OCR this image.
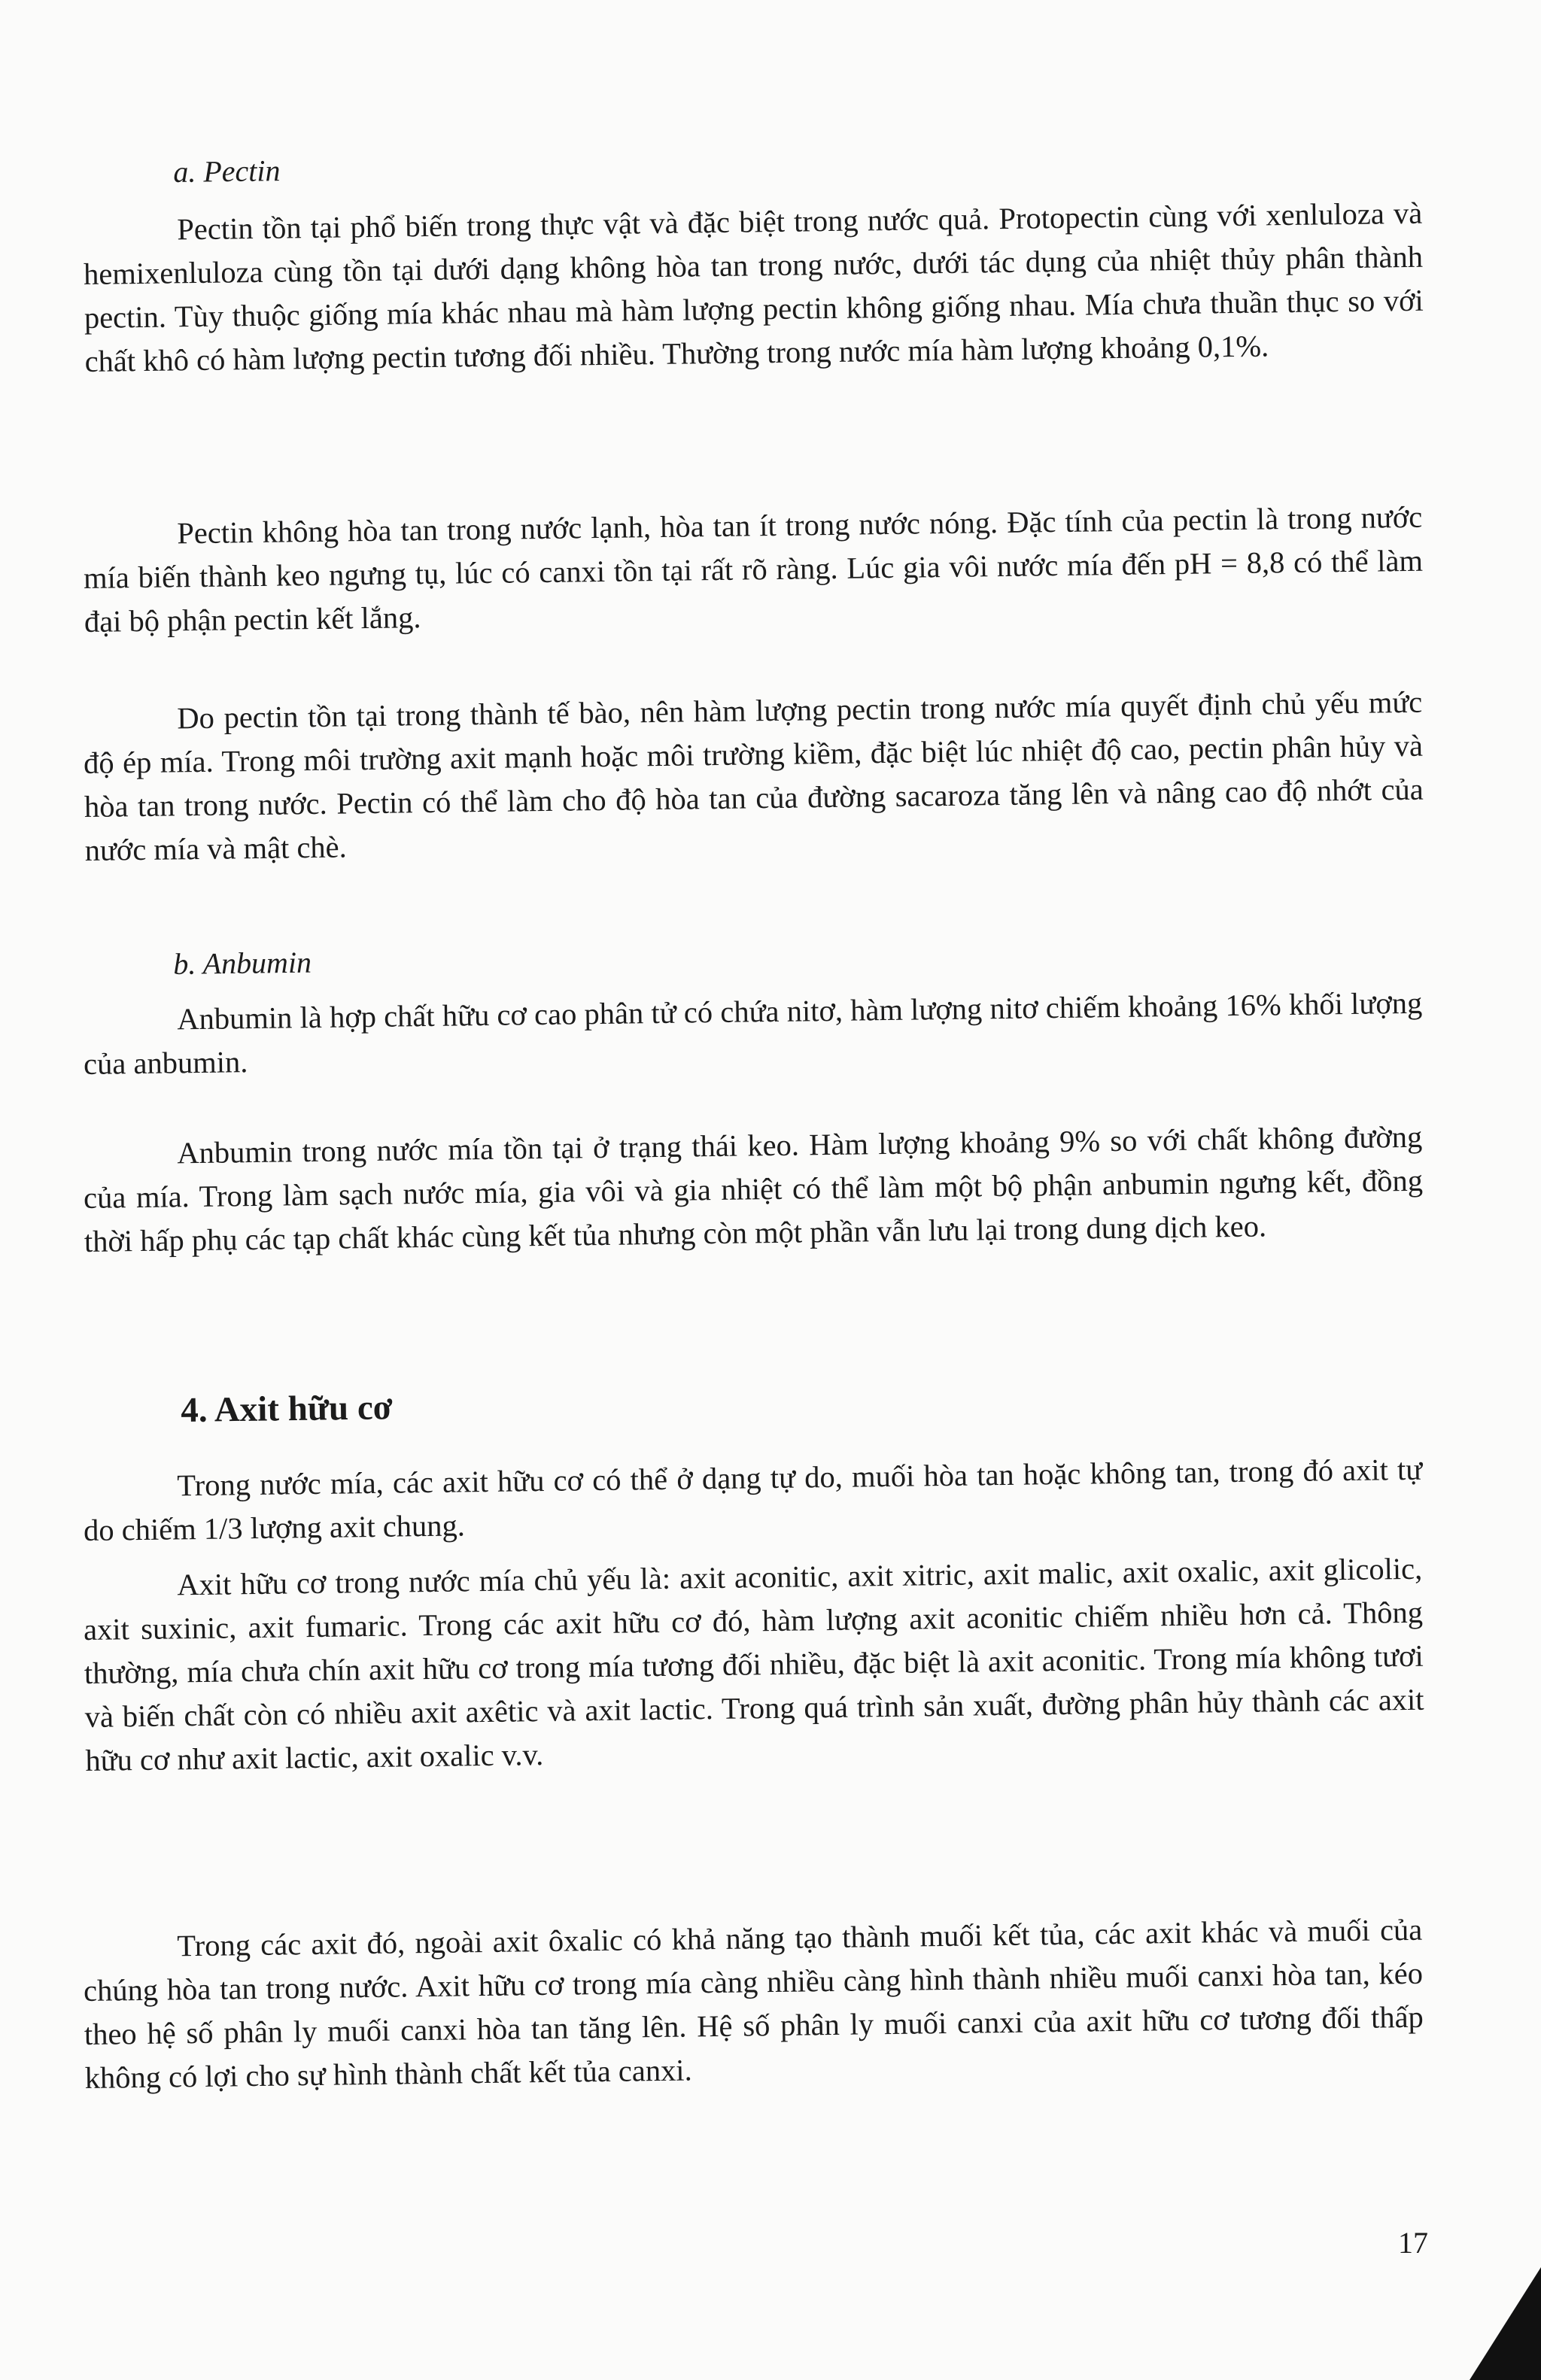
a. Pectin

Pectin tồn tại phổ biến trong thực vật và đặc biệt trong nước quả. Protopectin cùng với xenluloza và hemixenluloza cùng tồn tại dưới dạng không hòa tan trong nước, dưới tác dụng của nhiệt thủy phân thành pectin. Tùy thuộc giống mía khác nhau mà hàm lượng pectin không giống nhau. Mía chưa thuần thục so với chất khô có hàm lượng pectin tương đối nhiều. Thường trong nước mía hàm lượng khoảng 0,1%.

Pectin không hòa tan trong nước lạnh, hòa tan ít trong nước nóng. Đặc tính của pectin là trong nước mía biến thành keo ngưng tụ, lúc có canxi tồn tại rất rõ ràng. Lúc gia vôi nước mía đến pH = 8,8 có thể làm đại bộ phận pectin kết lắng.

Do pectin tồn tại trong thành tế bào, nên hàm lượng pectin trong nước mía quyết định chủ yếu mức độ ép mía. Trong môi trường axit mạnh hoặc môi trường kiềm, đặc biệt lúc nhiệt độ cao, pectin phân hủy và hòa tan trong nước. Pectin có thể làm cho độ hòa tan của đường sacaroza tăng lên và nâng cao độ nhớt của nước mía và mật chè.

b. Anbumin

Anbumin là hợp chất hữu cơ cao phân tử có chứa nitơ, hàm lượng nitơ chiếm khoảng 16% khối lượng của anbumin.

Anbumin trong nước mía tồn tại ở trạng thái keo. Hàm lượng khoảng 9% so với chất không đường của mía. Trong làm sạch nước mía, gia vôi và gia nhiệt có thể làm một bộ phận anbumin ngưng kết, đồng thời hấp phụ các tạp chất khác cùng kết tủa nhưng còn một phần vẫn lưu lại trong dung dịch keo.

4. Axit hữu cơ

Trong nước mía, các axit hữu cơ có thể ở dạng tự do, muối hòa tan hoặc không tan, trong đó axit tự do chiếm 1/3 lượng axit chung.

Axit hữu cơ trong nước mía chủ yếu là: axit aconitic, axit xitric, axit malic, axit oxalic, axit glicolic, axit suxinic, axit fumaric. Trong các axit hữu cơ đó, hàm lượng axit aconitic chiếm nhiều hơn cả. Thông thường, mía chưa chín axit hữu cơ trong mía tương đối nhiều, đặc biệt là axit aconitic. Trong mía không tươi và biến chất còn có nhiều axit axêtic và axit lactic. Trong quá trình sản xuất, đường phân hủy thành các axit hữu cơ như axit lactic, axit oxalic v.v.

Trong các axit đó, ngoài axit ôxalic có khả năng tạo thành muối kết tủa, các axit khác và muối của chúng hòa tan trong nước. Axit hữu cơ trong mía càng nhiều càng hình thành nhiều muối canxi hòa tan, kéo theo hệ số phân ly muối canxi hòa tan tăng lên. Hệ số phân ly muối canxi của axit hữu cơ tương đối thấp không có lợi cho sự hình thành chất kết tủa canxi.

17
